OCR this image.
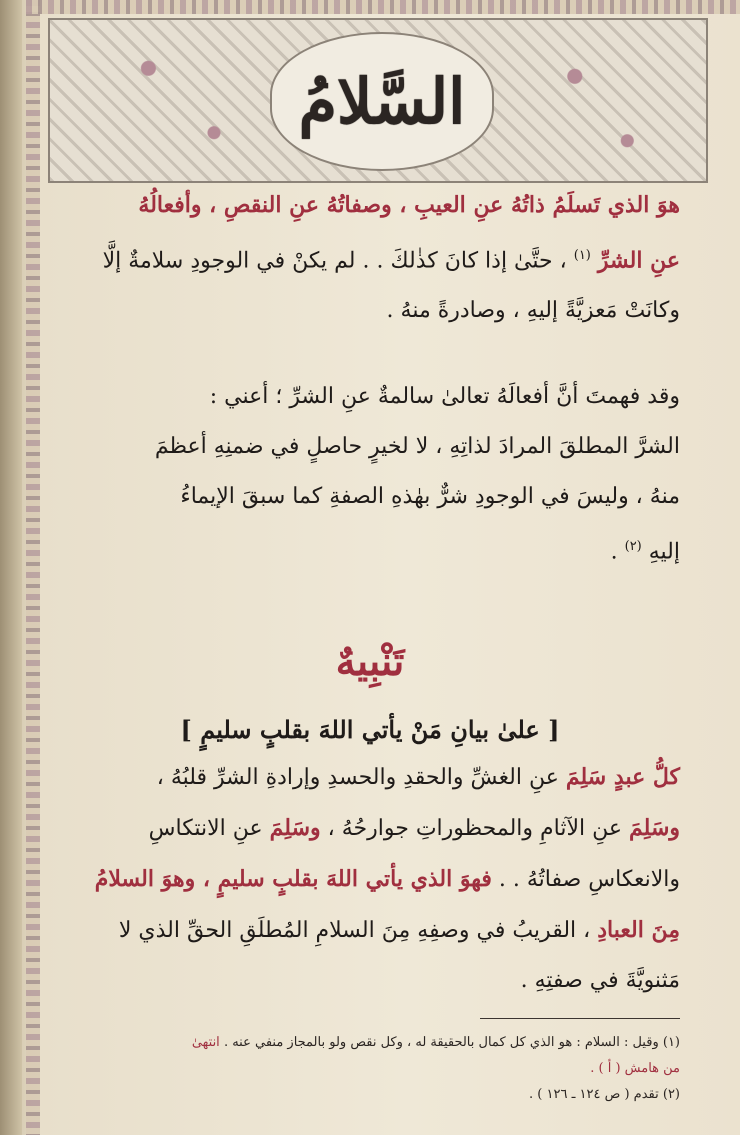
السَّلامُ
هوَ الذي تَسلَمُ ذاتُهُ عنِ العيبِ ، وصفاتُهُ عنِ النقصِ ، وأفعالُهُ
عنِ الشرِّ $^{(١)}$ ، حتَّىٰ إذا كانَ كذٰلكَ . . لم يكنْ في الوجودِ سلامةٌ إلَّا
وكانَتْ مَعزيَّةً إليهِ ، وصادرةً منهُ .
وقد فهمتَ أنَّ أفعالَهُ تعالىٰ سالمةٌ عنِ الشرِّ ؛ أعني :
الشرَّ المطلقَ المرادَ لذاتِهِ ، لا لخيرٍ حاصلٍ في ضمنِهِ أعظمَ
منهُ ، وليسَ في الوجودِ شرٌّ بهٰذهِ الصفةِ كما سبقَ الإيماءُ
إليهِ $^{(٢)}$ .
تَنْبِيهٌ
[ علىٰ بيانِ مَنْ يأتي اللهَ بقلبٍ سليمٍ ]
كلُّ عبدٍ سَلِمَ عنِ الغشِّ والحقدِ والحسدِ وإرادةِ الشرِّ قلبُهُ ،
وسَلِمَ عنِ الآثامِ والمحظوراتِ جوارحُهُ ، وسَلِمَ عنِ الانتكاسِ
والانعكاسِ صفاتُهُ . . فهوَ الذي يأتي اللهَ بقلبٍ سليمٍ ، وهوَ السلامُ
مِنَ العبادِ ، القريبُ في وصفِهِ مِنَ السلامِ المُطلَقِ الحقِّ الذي لا
مَثنويَّةَ في صفتِهِ .
(١) وقيل : السلام : هو الذي كل كمال بالحقيقة له ، وكل نقص ولو بالمجاز منفي عنه . انتهىٰ
من هامش ( أ ) .
(٢) تقدم ( ص ١٢٤ ـ ١٢٦ ) .
